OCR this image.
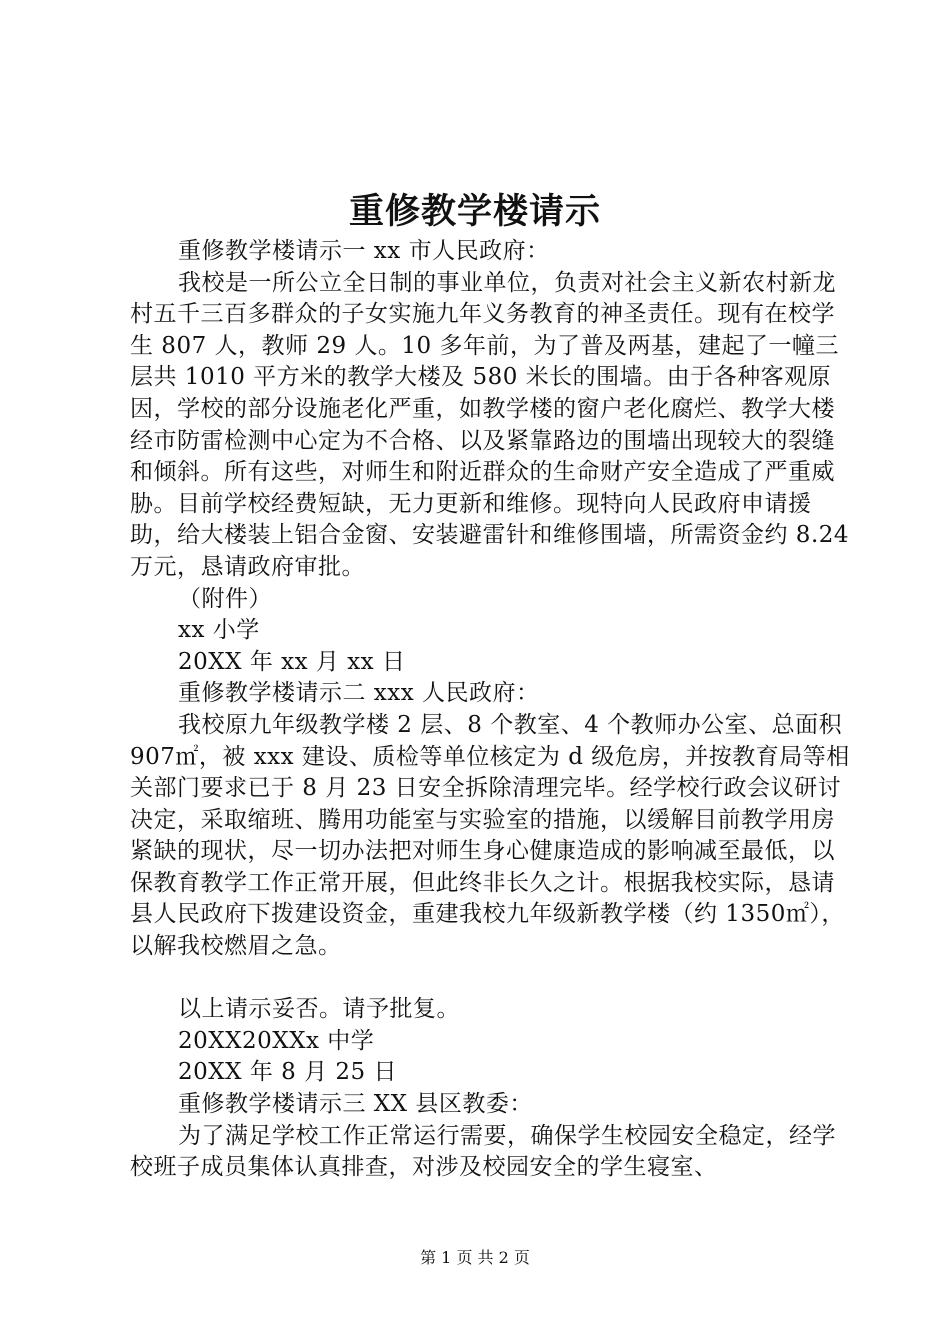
重修教学楼请示

重修教学楼请示一 xx 市人民政府：

我校是一所公立全日制的事业单位，负责对社会主义新农村新龙村五千三百多群众的子女实施九年义务教育的神圣责任。现有在校学生 807 人，教师 29 人。10 多年前，为了普及两基，建起了一幢三层共 1010 平方米的教学大楼及 580 米长的围墙。由于各种客观原因，学校的部分设施老化严重，如教学楼的窗户老化腐烂、教学大楼经市防雷检测中心定为不合格、以及紧靠路边的围墙出现较大的裂缝和倾斜。所有这些，对师生和附近群众的生命财产安全造成了严重威胁。目前学校经费短缺，无力更新和维修。现特向人民政府申请援助，给大楼装上铝合金窗、安装避雷针和维修围墙，所需资金约 8.24 万元，恳请政府审批。

（附件）

xx 小学

20XX 年 xx 月 xx 日

重修教学楼请示二 xxx 人民政府：

我校原九年级教学楼 2 层、8 个教室、4 个教师办公室、总面积 907㎡，被 xxx 建设、质检等单位核定为 d 级危房，并按教育局等相关部门要求已于 8 月 23 日安全拆除清理完毕。经学校行政会议研讨决定，采取缩班、腾用功能室与实验室的措施，以缓解目前教学用房紧缺的现状，尽一切办法把对师生身心健康造成的影响减至最低，以保教育教学工作正常开展，但此终非长久之计。根据我校实际，恳请县人民政府下拨建设资金，重建我校九年级新教学楼（约 1350㎡），以解我校燃眉之急。

以上请示妥否。请予批复。

20XX20XXx 中学

20XX 年 8 月 25 日

重修教学楼请示三 XX 县区教委：

为了满足学校工作正常运行需要，确保学生校园安全稳定，经学校班子成员集体认真排查，对涉及校园安全的学生寝室、

第 1 页 共 2 页
